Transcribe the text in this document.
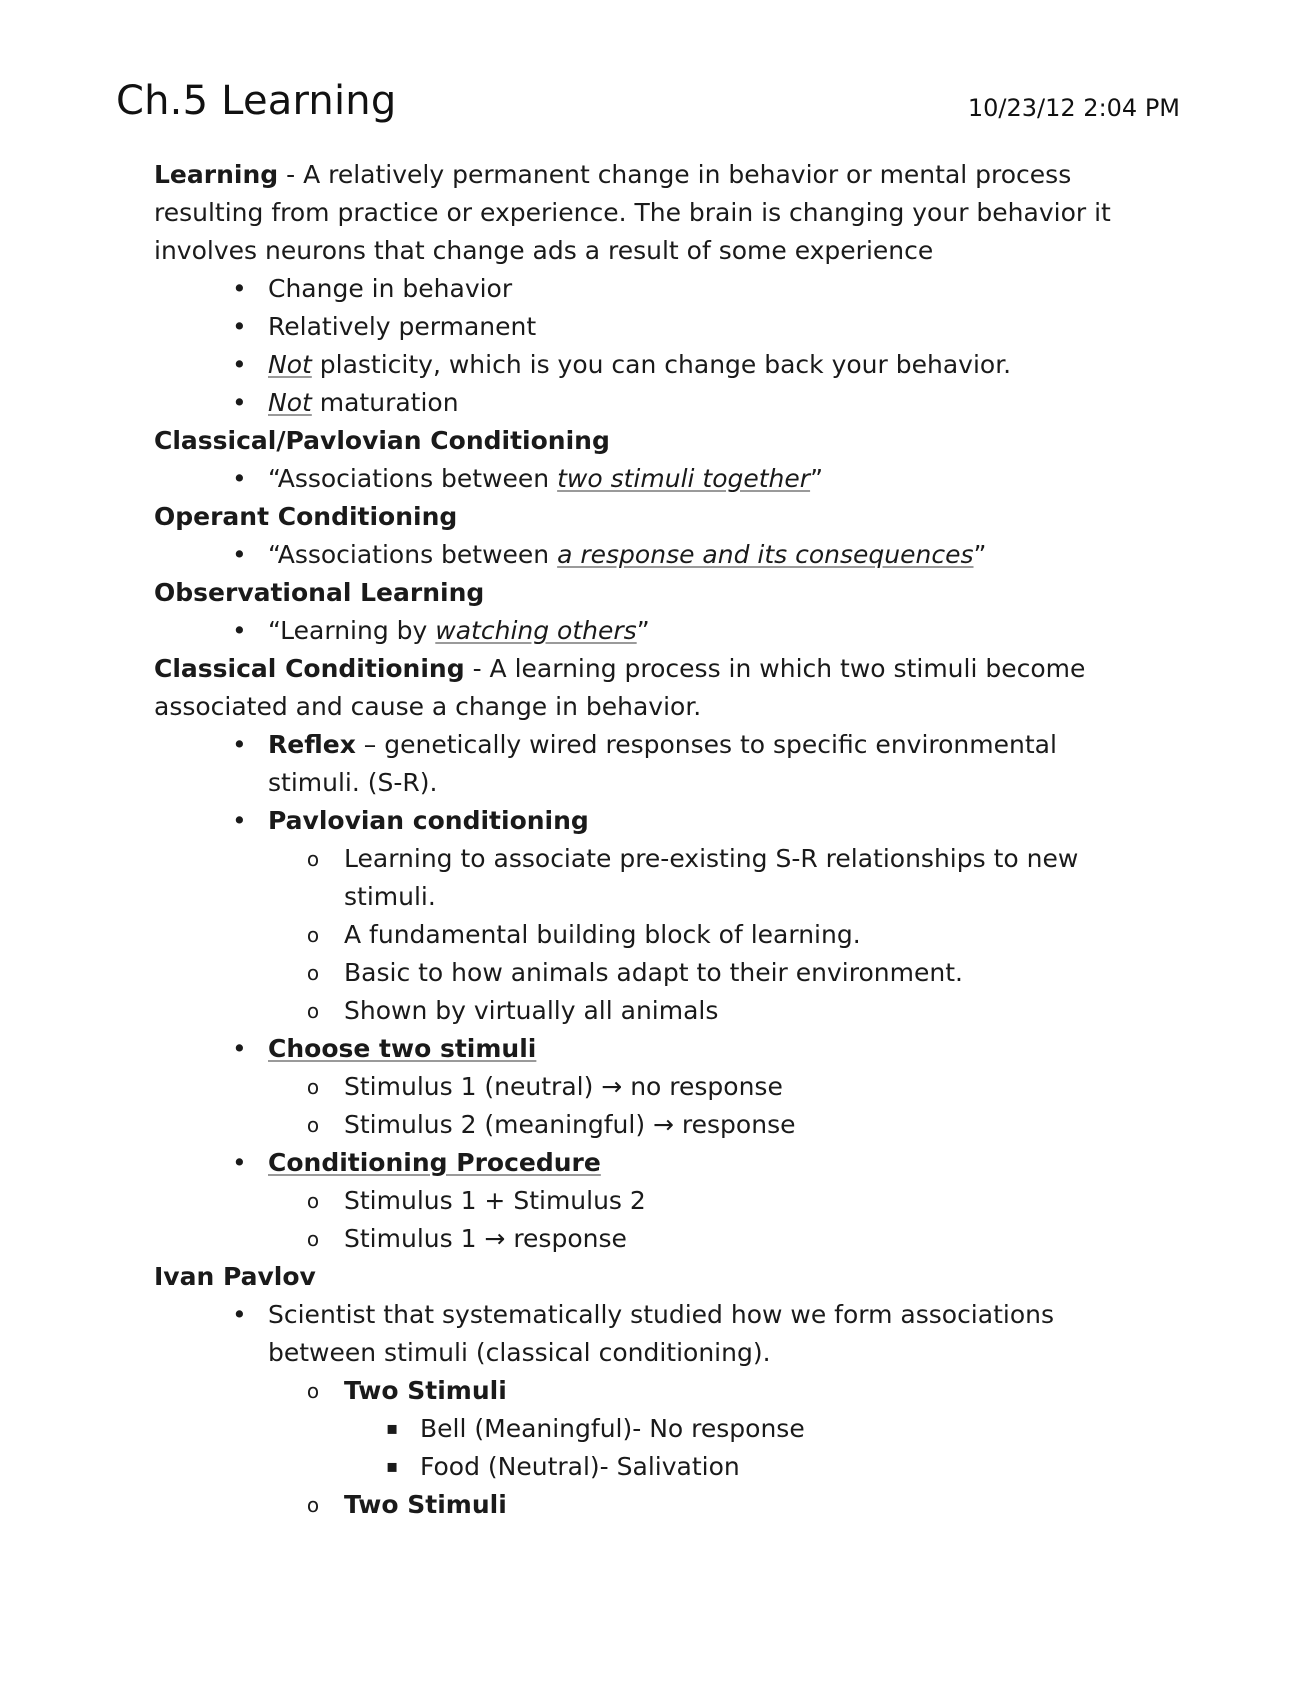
Ch.5 Learning	10/23/12 2:04 PM

Learning - A relatively permanent change in behavior or mental process resulting from practice or experience. The brain is changing your behavior it involves neurons that change ads a result of some experience

• Change in behavior
• Relatively permanent
• Not plasticity, which is you can change back your behavior.
• Not maturation

Classical/Pavlovian Conditioning

• “Associations between two stimuli together”

Operant Conditioning

• “Associations between a response and its consequences”

Observational Learning

• “Learning by watching others”

Classical Conditioning - A learning process in which two stimuli become associated and cause a change in behavior.

• Reflex – genetically wired responses to specific environmental stimuli. (S-R).
• Pavlovian conditioning
o Learning to associate pre-existing S-R relationships to new stimuli.
o A fundamental building block of learning.
o Basic to how animals adapt to their environment.
o Shown by virtually all animals
• Choose two stimuli
o Stimulus 1 (neutral) → no response
o Stimulus 2 (meaningful) → response
• Conditioning Procedure
o Stimulus 1 + Stimulus 2
o Stimulus 1 → response

Ivan Pavlov

• Scientist that systematically studied how we form associations between stimuli (classical conditioning).
o Two Stimuli
▪ Bell (Meaningful)- No response
▪ Food (Neutral)- Salivation
o Two Stimuli
